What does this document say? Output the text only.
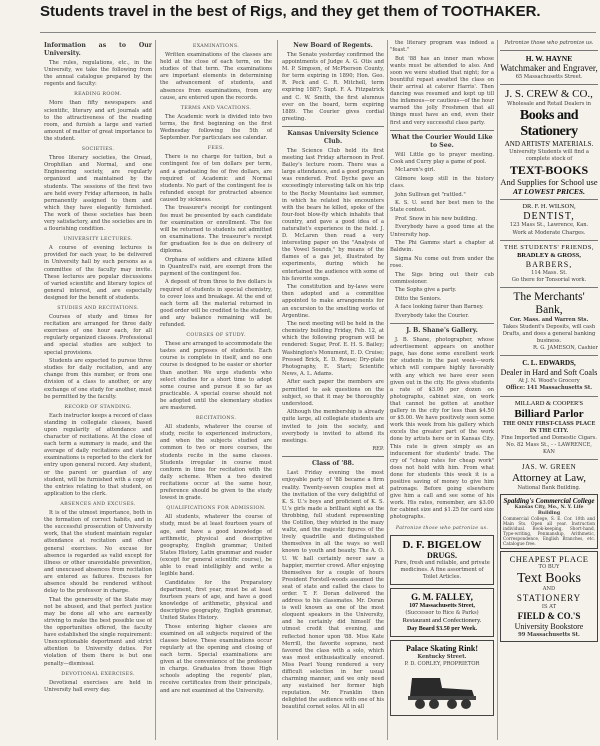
Students travel in the best of Rigs, and they get them of TOOTHAKER.
Information as to Our University.

The rules, regulations, etc., in the University, we take the following from the annual catalogue prepared by the regents and faculty:

READING ROOM.

More than fifty newspapers and scientific, literary and art journals add to the attractiveness of the reading room, and furnish a large and varied amount of matter of great importance to the student.

SOCIETIES.

Three literary societies, the Oread, Orophilian and Normal, and one Engineering society, are regularly organized and maintained by the students. The sessions of the first two are held every Friday afternoon, in halls permanently assigned to them and which they have elegantly furnished. The work of these societies has been very satisfactory, and the societies are in a flourishing condition.

UNIVERSITY LECTURES.

A course of evening lectures is provided for each year, to be delivered in University hall by such persons as a committee of the faculty may invite. These lectures are popular discussions of varied scientific and literary topics of general interest, and are especially designed for the benefit of students.

STUDIES AND RECITATIONS.

Courses of study and times for recitation are arranged for three daily exercises of one hour each, for all regularly organized classes. Professional and special studies are subject to special provisions.

Students are expected to pursue three studies for daily recitation, and any change from this number, or from one division of a class to another, or any exchange of one study for another, must be permitted by the faculty.

RECORD OF STANDING.

Each instructor keeps a record of class standing in collegiate classes, based upon regularity of attendance and character of recitations. At the close of each term a summary is made, and the average of daily recitations and stated examinations is reported to the clerk for entry upon general record. Any student, or the parent or guardian of any student, will be furnished with a copy of the entries relating to that student, on application to the clerk.

ABSENCES AND EXCUSES.

It is of the utmost importance, both in the formation of correct habits, and in the successful prosecution of University work, that the student maintain regular attendance at recitation and other general exercises. No excuse for absence is regarded as valid except for illness or other unavoidable prevention, and unexcused absences from recitation are entered as failures. Excuses for absence should be rendered without delay to the professor in charge.

That the generosity of the State may not be abused, and that perfect justice may be done all who are earnestly striving to make the best possible use of the opportunities offered, the faculty have established the single requirement: Unexceptionable deportment and strict attention to University duties. For violation of them there is but one penalty—dismissal.

DEVOTIONAL EXERCISES.

Devotional exercises are held in University hall every day.

EXAMINATIONS.

Written examinations of the classes are held at the close of each term, on the studies of that term. The examinations are important elements in determining the advancement of students, and absences from examinations, from any cause, are entered upon the records.

TERMS AND VACATIONS.

The Academic work is divided into two terms, the first beginning on the first Wednesday following the 5th of September. For particulars see calendar.

FEES.

There is no charge for tuition, but a contingent fee of ten dollars per term, and a graduating fee of five dollars, are required of Academic and Normal students. No part of the contingent fee is refunded except for protracted absence caused by sickness.

The treasurer's receipt for contingent fee must be presented by each candidate for examination or enrollment. The fee will be returned to students not admitted on examinations. The treasurer's receipt for graduation fee is due on delivery of diploma.

Orphans of soldiers and citizens killed in Quantrell's raid, are exempt from the payment of the contingent fee.

A deposit of from three to five dollars is required of students in special chemistry, to cover loss and breakage. At the end of each term all the material returned in good order will be credited to the student, and any balance remaining will be refunded.

COURSES OF STUDY.

These are arranged to accommodate the tastes and purposes of students. Each course is complete in itself, and no one course is designed to be easier or shorter than another. We urge students who select studies for a short time to adopt some course and pursue it so far as practicable. A special course should not be adopted until the elementary studies are mastered.

RECITATIONS.

All students, whatever the course of study, recite to experienced instructors, and when the subjects studied are common to two or more courses, the students recite in the same classes. Students irregular in course must conform in time for recitation with the daily scheme. When a two desired recitations occur at the same hour, preference should be given to the study lowest in grade.

QUALIFICATIONS FOR ADMISSION.

All students, whatever the course of study, must be at least fourteen years of age, and have a good knowledge of arithmetic, physical and descriptive geography, English grammar, United States History, Latin grammar and reader (except for general scientific course), be able to read intelligibly and write a legible hand.

Candidates for the Preparatory department, first year, must be at least fourteen years of age, and have a good knowledge of arithmetic, physical and descriptive geography, English grammar, United States History.

Those entering higher classes are examined on all subjects required of the classes below. These examinations occur regularly at the opening and closing of each term. Special examinations are given at the convenience of the professor in charge. Graduates from those High schools adopting the regents' plan, receive certificates from their principals, and are not examined at the University.

New Board of Regents.

The Senate yesterday confirmed the appointments of Judge A. G. Otis and M. P. Simpson, of McPherson County, for term expiring in 1890; Hon. Geo. R. Peck and C. R. Mitchell, term expiring 1887; Supt. F. A. Fitzpatrick and C. W. Smith, the first alumnus ever on the board, term expiring 1889. The Courier gives cordial greeting.

Kansas University Science Club.

The Science Club held its first meeting last Friday afternoon in Prof. Bailey's lecture room. There was a large attendance, and a good program was rendered. Prof. Dyche gave an exceedingly interesting talk on his trip to the Rocky Mountains last summer, in which he related his encounters with the bears he killed, spoke of the four-foot blow-fly which inhabits that country, and gave a good idea of a naturalist's experience in the field. J. D. McLaren then read a very interesting paper on the "Analysis of the Vowel Sounds," by means of the flames of a gas jet, illustrated by experiments, during which he entertained the audience with some of his favorite songs.

The constitution and by-laws were then adopted and a committee appointed to make arrangements for an excursion to the smelting works of Argentine.

The next meeting will be held in the chemistry building Friday, Feb. 12, at which the following program will be rendered: Sugar, Prof. E. H. S. Bailey; Washington's Monument, E. D. Cruise; Pressed Brick, E. D. Rouse; Dry-plate Photography, E. Start; Scientific News, A. L. Adams.

After each paper the members are permitted to ask questions on the subject, so that it may be thoroughly understood.

Although the membership is already quite large, all collegiate students are invited to join the society, and everybody is invited to attend its meetings.

REP.
Class of '88.

Last Friday evening the most enjoyable party of '88 became a firm reality. Twenty-seven couples met at the invitation of the very delightful of K. S. U.'s boys and proficient of K. S. U.'s girls made a brilliant sight as the throbbing, full student representing the Cotillon, they whirled in the mazy waltz, and the majestic figures of the lively quadrille and distinguished themselves in all the ways so well known to youth and beauty. The A. O. U. W. hall certainly never saw a happier, merrier crowd. After enjoying themselves for a couple of hours President Forstell-woods assumed the seat of state and called the class to order. T. F. Doran delivered the address to his classmates. Mr. Doran is well known as one of the most eloquent speakers in the University, and he certainly did himself the utmost credit that evening, and reflected honor upon '88. Miss Kate Merrill, the favorite soprano, next favored the class with a solo, which was most enthusiastically encored. Miss Pearl Young rendered a very difficult selection in her usual charming manner, and we only need any sustained her former high reputation. Mr. Franklin then delighted the audience with one of his beautiful cornet solos. All in all

the literary program was indeed a "feast."

But '88 has an inner man whose wants must be attended to also. And soon we were studied that night; for a bountiful repast awaited the class on their arrival at caterer Harris'. Then dancing was resumed and kept up till the infamous—or cautious—of the hour warned the jolly Freshmen that all things must have an end, even their first and very successful class party.

What the Courier Would Like to See.

Will Little go to prayer meeting. Cook and Curry play a game of pool.

McLaren's girl.

Gilmore keep still in the history class.

John Sullivan get "rattled."

K. S. U. send her best men to the State contest.

Prof. Snow in his new building.

Everybody have a good time at the University hop.

The Phi Gamms start a chapter at Baldwin.

Sigma Nu come out from under the rose.

The Sigs bring out their cub commissioner.

The Sophs give a party.

Ditto the Seniors.

A face looking fairer than Barney.

Everybody take the Courier.

J. B. Shane's Gallery.

J. B. Shane, photographer, whose advertisement appears on another page, has done some excellent work for students in the past week—work which will compare highly favorably with any which we have ever seen given out in the city. He gives students a rate of $3.00 per dozen on photographs, cabinet size, on work that cannot be gotten at another gallery in the city for less than $4.50 or $5.00. We have positively seen some work this week from his gallery which excels the greater part of the work done by artists here or in Kansas City. This rate is given simply as an inducement for students' trade. The cry of "cheap rates for cheap work" does not hold with him. From what done for students this week it is a positive saving of money to give him patronage. Before going elsewhere give him a call and see some of his work. His rates, remember, are $3.00 for cabinet size and $1.25 for card size photographs.

Patronize those who patronize us.
D. F. BIGELOW
DRUGS.
Pure, fresh and reliable, and private medicines. A fine assortment of Toilet Articles.
G. M. FALLEY,
107 Massachusetts Street,
(Successor to Rice & Parks)
Restaurant and Confectionery.
Day Board $3.50 per Week.
Palace Skating Rink!
Kentucky Street.
P. D. CORLEY, PROPRIETOR

Patronize those who patronize us.

H. W. HAYNE

Watchmaker and Engraver,

65 Massachusetts Street.

J. S. CREW & CO.,

Wholesale and Retail Dealers in

Books and Stationery

AND ARTISTS' MATERIALS.

University Students will find a complete stock of

TEXT-BOOKS

And Supplies for School use

AT LOWEST PRICES.

DR. F. H. WILSON,

DENTIST,

123 Mass St., Lawrence, Kan.

Work at Moderate Charges.

THE STUDENTS' FRIENDS,

BRADLEY & GROSS,

BARBERS,

114 Mass. St.

Go there for Tonsorial work.

The Merchants' Bank,

Cor. Mass. and Warren Sts.

Takes Student's Deposits, will cash Drafts, and does a general banking business.

R. G. JAMESON, Cashier

C. L. EDWARDS,

Dealer in Hard and Soft Coals

At J. N. Wood's Grocery

Office: 141 Massachusetts St.

MILLARD & COOPER'S

Billiard Parlor

THE ONLY FIRST-CLASS PLACE IN THE CITY.

Fine Imported and Domestic Cigars.

No. 82 Mass St., - - LAWRENCE, KAN

JAS. W. GREEN

Attorney at Law,

National Bank Building.

Spalding's Commercial College

Kansas City, Mo., N. Y. Life Building

Commercial College, S. E. Cor. 10th and Main Sts. Open all year. Instruction individual. Book-keeping, Short-hand, Type-writing, Penmanship, Arithmetic, Correspondence, English Branches, etc. Catalogue free.

CHEAPEST PLACE

TO BUY

Text Books

AND

STATIONERY

IS AT

FIELD & CO.'S

University Bookstore

99 Massachusetts St.
